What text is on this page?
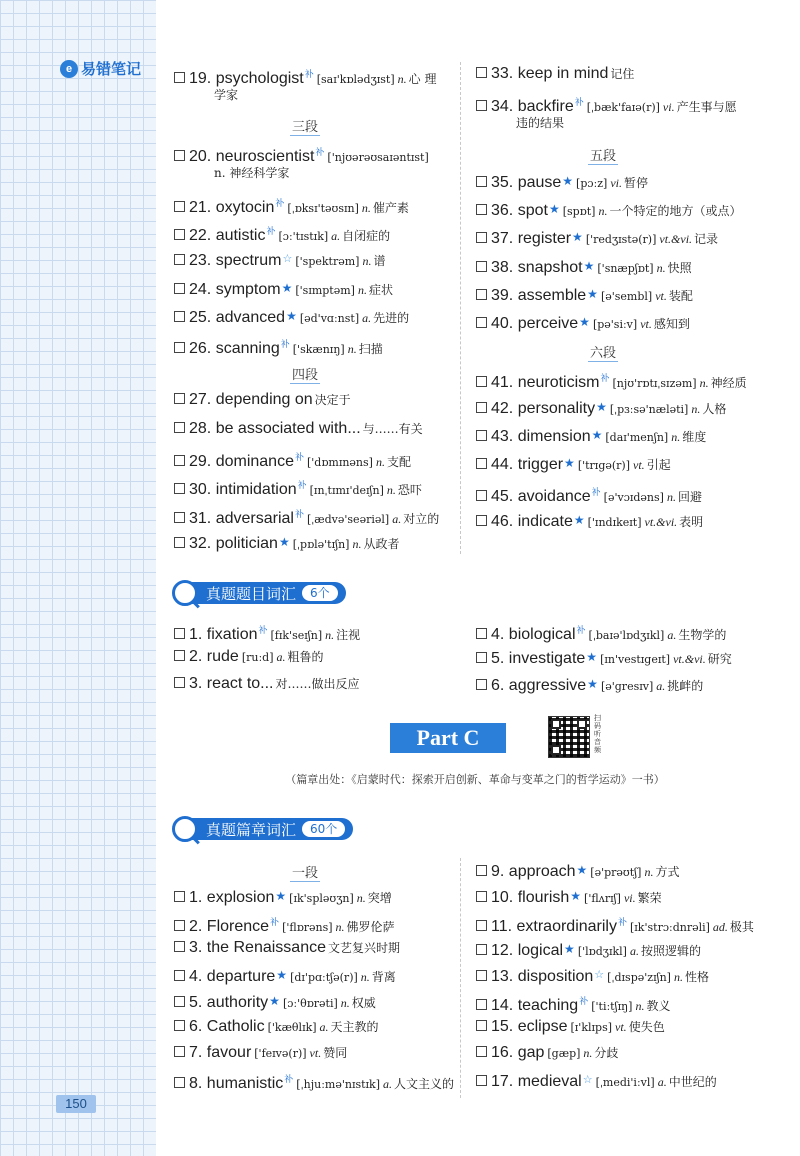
e 易错笔记
150
19. psychologist$^补$ [saɪ'kɒlədʒɪst] n. 心 理
学家
三段
20. neuroscientist$^补$ ['njʊərəʊsaɪəntɪst]
n. 神经科学家
21. oxytocin$^补$ [ˌɒksɪ'təʊsɪn] n. 催产素
22. autistic$^补$ [ɔː'tɪstɪk] a. 自闭症的
23. spectrum☆ ['spektrəm] n. 谱
24. symptom★ ['sɪmptəm] n. 症状
25. advanced★ [əd'vɑːnst] a. 先进的
26. scanning$^补$ ['skænɪŋ] n. 扫描
四段
27. depending on 决定于
28. be associated with... 与……有关
29. dominance$^补$ ['dɒmɪnəns] n. 支配
30. intimidation$^补$ [ɪnˌtɪmɪ'deɪʃn] n. 恐吓
31. adversarial$^补$ [ˌædvə'seəriəl] a. 对立的
32. politician★ [ˌpɒlə'tɪʃn] n. 从政者
33. keep in mind 记住
34. backfire$^补$ [ˌbæk'faɪə(r)] vi. 产生事与愿
违的结果
五段
35. pause★ [pɔːz] vi. 暂停
36. spot★ [spɒt] n. 一个特定的地方（或点）
37. register★ ['redʒɪstə(r)] vt.&vi. 记录
38. snapshot★ ['snæpʃɒt] n. 快照
39. assemble★ [ə'sembl] vt. 装配
40. perceive★ [pə'siːv] vt. 感知到
六段
41. neuroticism$^补$ [njʊ'rɒtɪˌsɪzəm] n. 神经质
42. personality★ [ˌpɜːsə'næləti] n. 人格
43. dimension★ [daɪ'menʃn] n. 维度
44. trigger★ ['trɪgə(r)] vt. 引起
45. avoidance$^补$ [ə'vɔɪdəns] n. 回避
46. indicate★ ['ɪndɪkeɪt] vt.&vi. 表明
真题题目词汇	6个
1. fixation$^补$ [fɪk'seɪʃn] n. 注视
2. rude [ruːd] a. 粗鲁的
3. react to... 对……做出反应
4. biological$^补$ [ˌbaɪə'lɒdʒɪkl] a. 生物学的
5. investigate★ [ɪn'vestɪgeɪt] vt.&vi. 研究
6. aggressive★ [ə'gresɪv] a. 挑衅的
Part C
扫码听音频
（篇章出处：《启蒙时代：探索开启创新、革命与变革之门的哲学运动》一书）
真题篇章词汇	60个
一段
1. explosion★ [ɪk'spləʊʒn] n. 突增
2. Florence$^补$ ['flɒrəns] n. 佛罗伦萨
3. the Renaissance 文艺复兴时期
4. departure★ [dɪ'pɑːtʃə(r)] n. 背离
5. authority★ [ɔː'θɒrəti] n. 权威
6. Catholic ['kæθlɪk] a. 天主教的
7. favour ['feɪvə(r)] vt. 赞同
8. humanistic$^补$ [ˌhjuːmə'nɪstɪk] a. 人文主义的
9. approach★ [ə'prəʊtʃ] n. 方式
10. flourish★ ['flʌrɪʃ] vi. 繁荣
11. extraordinarily$^补$ [ɪk'strɔːdnrəli] ad. 极其
12. logical★ ['lɒdʒɪkl] a. 按照逻辑的
13. disposition☆ [ˌdɪspə'zɪʃn] n. 性格
14. teaching$^补$ ['tiːtʃɪŋ] n. 教义
15. eclipse [ɪ'klɪps] vt. 使失色
16. gap [gæp] n. 分歧
17. medieval☆ [ˌmedi'iːvl] a. 中世纪的
